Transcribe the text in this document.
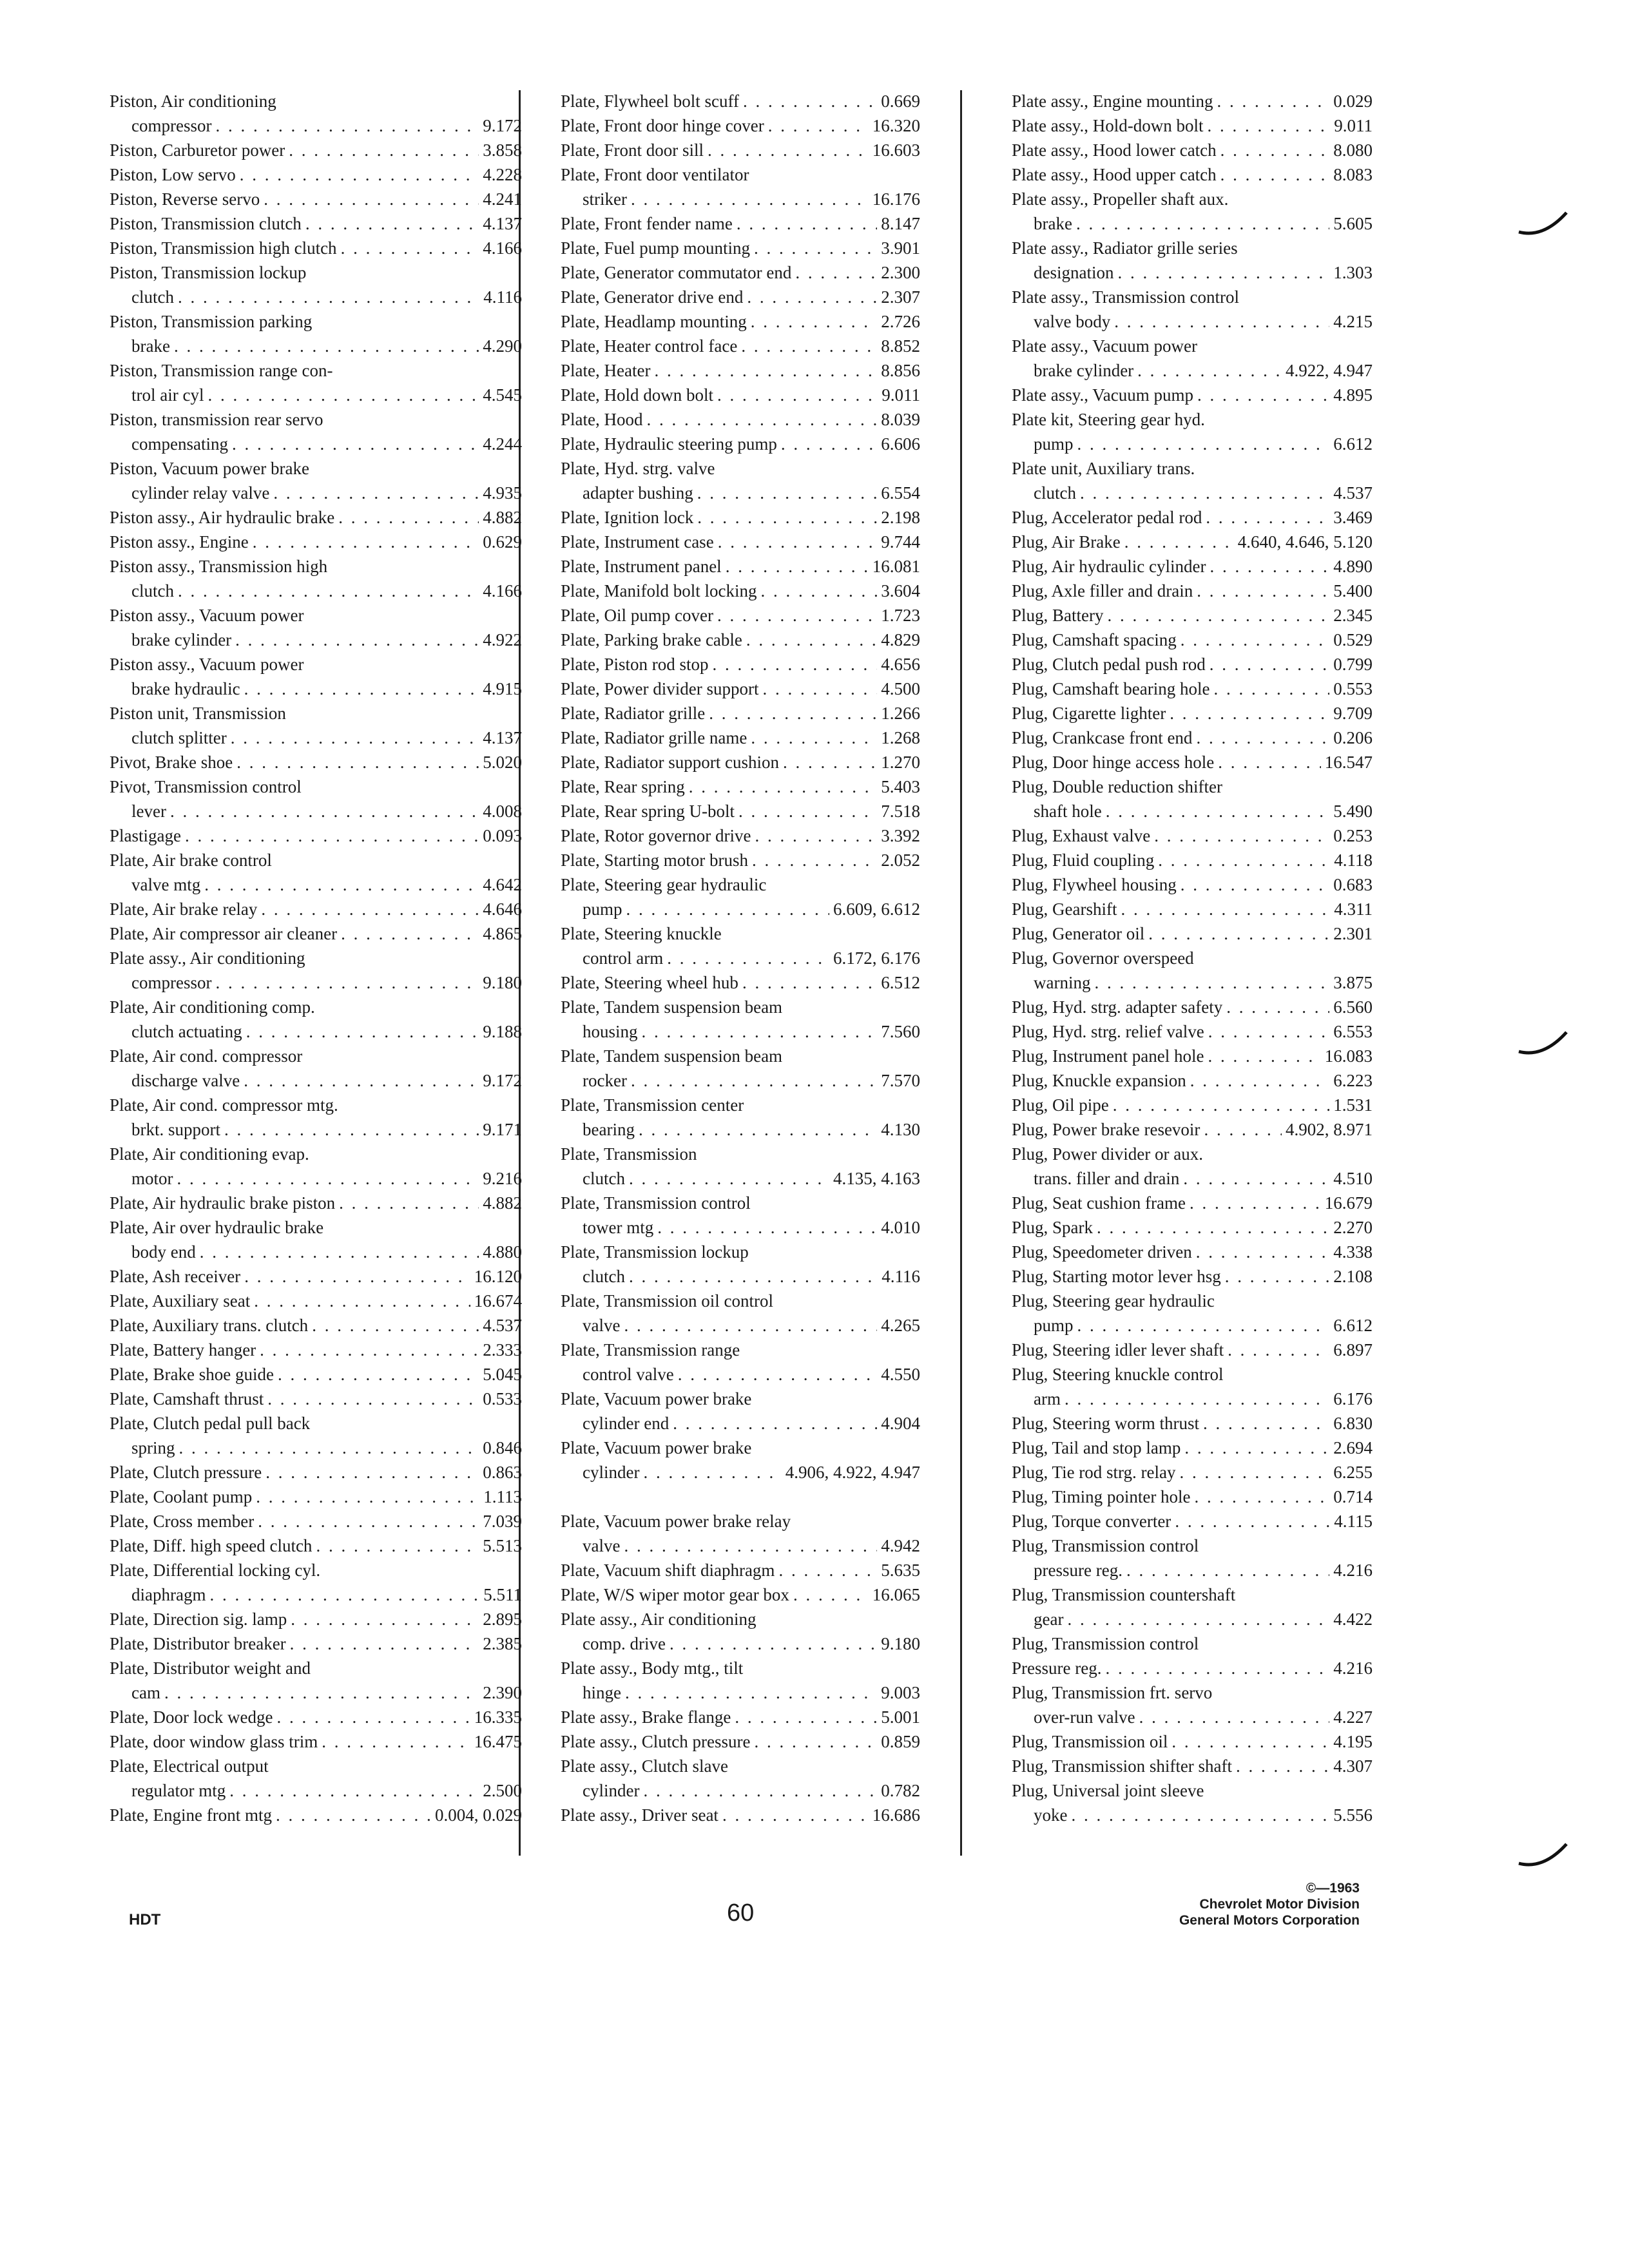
Piston, Air conditioning
compressor . . .	9.172
Piston, Carburetor power . . .	3.858
Piston, Low servo . . .	4.228
Piston, Reverse servo . . .	4.241
Piston, Transmission clutch . . .	4.137
Piston, Transmission high clutch . . .	4.166
Piston, Transmission lockup
clutch . . .	4.116
Piston, Transmission parking
brake . . .	4.290
Piston, Transmission range con-
trol air cyl . . .	4.545
Piston, transmission rear servo
compensating . . .	4.244
Piston, Vacuum power brake
cylinder relay valve . . .	4.935
Piston assy., Air hydraulic brake . . .	4.882
Piston assy., Engine . . .	0.629
Piston assy., Transmission high
clutch . . .	4.166
Piston assy., Vacuum power
brake cylinder . . .	4.922
Piston assy., Vacuum power
brake hydraulic . . .	4.915
Piston unit, Transmission
clutch splitter . . .	4.137
Pivot, Brake shoe . . .	5.020
Pivot, Transmission control
lever . . .	4.008
Plastigage . . .	0.093
Plate, Air brake control
valve mtg . . .	4.642
Plate, Air brake relay . . .	4.646
Plate, Air compressor air cleaner . . .	4.865
Plate assy., Air conditioning
compressor . . .	9.180
Plate, Air conditioning comp.
clutch actuating . . .	9.188
Plate, Air cond. compressor
discharge valve . . .	9.172
Plate, Air cond. compressor mtg.
brkt. support . . .	9.171
Plate, Air conditioning evap.
motor . . .	9.216
Plate, Air hydraulic brake piston . . .	4.882
Plate, Air over hydraulic brake
body end . . .	4.880
Plate, Ash receiver . . .	16.120
Plate, Auxiliary seat . . .	16.674
Plate, Auxiliary trans. clutch . . .	4.537
Plate, Battery hanger . . .	2.333
Plate, Brake shoe guide . . .	5.045
Plate, Camshaft thrust . . .	0.533
Plate, Clutch pedal pull back
spring . . .	0.846
Plate, Clutch pressure . . .	0.863
Plate, Coolant pump . . .	1.113
Plate, Cross member . . .	7.039
Plate, Diff. high speed clutch . . .	5.513
Plate, Differential locking cyl.
diaphragm . . .	5.511
Plate, Direction sig. lamp . . .	2.895
Plate, Distributor breaker . . .	2.385
Plate, Distributor weight and
cam . . .	2.390
Plate, Door lock wedge . . .	16.335
Plate, door window glass trim . . .	16.475
Plate, Electrical output
regulator mtg . . .	2.500
Plate, Engine front mtg . . .	0.004, 0.029
Plate, Flywheel bolt scuff . . .	0.669
Plate, Front door hinge cover . . .	16.320
Plate, Front door sill . . .	16.603
Plate, Front door ventilator
striker . . .	16.176
Plate, Front fender name . . .	8.147
Plate, Fuel pump mounting . . .	3.901
Plate, Generator commutator end . . .	2.300
Plate, Generator drive end . . .	2.307
Plate, Headlamp mounting . . .	2.726
Plate, Heater control face . . .	8.852
Plate, Heater . . .	8.856
Plate, Hold down bolt . . .	9.011
Plate, Hood . . .	8.039
Plate, Hydraulic steering pump . . .	6.606
Plate, Hyd. strg. valve
adapter bushing . . .	6.554
Plate, Ignition lock . . .	2.198
Plate, Instrument case . . .	9.744
Plate, Instrument panel . . .	16.081
Plate, Manifold bolt locking . . .	3.604
Plate, Oil pump cover . . .	1.723
Plate, Parking brake cable . . .	4.829
Plate, Piston rod stop . . .	4.656
Plate, Power divider support . . .	4.500
Plate, Radiator grille . . .	1.266
Plate, Radiator grille name . . .	1.268
Plate, Radiator support cushion . . .	1.270
Plate, Rear spring . . .	5.403
Plate, Rear spring U-bolt . . .	7.518
Plate, Rotor governor drive . . .	3.392
Plate, Starting motor brush . . .	2.052
Plate, Steering gear hydraulic
pump . . .	6.609, 6.612
Plate, Steering knuckle
control arm . . .	6.172, 6.176
Plate, Steering wheel hub . . .	6.512
Plate, Tandem suspension beam
housing . . .	7.560
Plate, Tandem suspension beam
rocker . . .	7.570
Plate, Transmission center
bearing . . .	4.130
Plate, Transmission
clutch . . .	4.135, 4.163
Plate, Transmission control
tower mtg . . .	4.010
Plate, Transmission lockup
clutch . . .	4.116
Plate, Transmission oil control
valve . . .	4.265
Plate, Transmission range
control valve . . .	4.550
Plate, Vacuum power brake
cylinder end . . .	4.904
Plate, Vacuum power brake
cylinder . . .	4.906, 4.922, 4.947
Plate, Vacuum power brake relay
valve . . .	4.942
Plate, Vacuum shift diaphragm . . .	5.635
Plate, W/S wiper motor gear box . . .	16.065
Plate assy., Air conditioning
comp. drive . . .	9.180
Plate assy., Body mtg., tilt
hinge . . .	9.003
Plate assy., Brake flange . . .	5.001
Plate assy., Clutch pressure . . .	0.859
Plate assy., Clutch slave
cylinder . . .	0.782
Plate assy., Driver seat . . .	16.686
Plate assy., Engine mounting . . .	0.029
Plate assy., Hold-down bolt . . .	9.011
Plate assy., Hood lower catch . . .	8.080
Plate assy., Hood upper catch . . .	8.083
Plate assy., Propeller shaft aux.
brake . . .	5.605
Plate assy., Radiator grille series
designation . . .	1.303
Plate assy., Transmission control
valve body . . .	4.215
Plate assy., Vacuum power
brake cylinder . . .	4.922, 4.947
Plate assy., Vacuum pump . . .	4.895
Plate kit, Steering gear hyd.
pump . . .	6.612
Plate unit, Auxiliary trans.
clutch . . .	4.537
Plug, Accelerator pedal rod . . .	3.469
Plug, Air Brake . . .	4.640, 4.646, 5.120
Plug, Air hydraulic cylinder . . .	4.890
Plug, Axle filler and drain . . .	5.400
Plug, Battery . . .	2.345
Plug, Camshaft spacing . . .	0.529
Plug, Clutch pedal push rod . . .	0.799
Plug, Camshaft bearing hole . . .	0.553
Plug, Cigarette lighter . . .	9.709
Plug, Crankcase front end . . .	0.206
Plug, Door hinge access hole . . .	16.547
Plug, Double reduction shifter
shaft hole . . .	5.490
Plug, Exhaust valve . . .	0.253
Plug, Fluid coupling . . .	4.118
Plug, Flywheel housing . . .	0.683
Plug, Gearshift . . .	4.311
Plug, Generator oil . . .	2.301
Plug, Governor overspeed
warning . . .	3.875
Plug, Hyd. strg. adapter safety . . .	6.560
Plug, Hyd. strg. relief valve . . .	6.553
Plug, Instrument panel hole . . .	16.083
Plug, Knuckle expansion . . .	6.223
Plug, Oil pipe . . .	1.531
Plug, Power brake resevoir . . .	4.902, 8.971
Plug, Power divider or aux.
trans. filler and drain . . .	4.510
Plug, Seat cushion frame . . .	16.679
Plug, Spark . . .	2.270
Plug, Speedometer driven . . .	4.338
Plug, Starting motor lever hsg . . .	2.108
Plug, Steering gear hydraulic
pump . . .	6.612
Plug, Steering idler lever shaft . . .	6.897
Plug, Steering knuckle control
arm . . .	6.176
Plug, Steering worm thrust . . .	6.830
Plug, Tail and stop lamp . . .	2.694
Plug, Tie rod strg. relay . . .	6.255
Plug, Timing pointer hole . . .	0.714
Plug, Torque converter . . .	4.115
Plug, Transmission control
pressure reg. . . .	4.216
Plug, Transmission countershaft
gear . . .	4.422
Plug, Transmission control
Pressure reg. . . .	4.216
Plug, Transmission frt. servo
over-run valve . . .	4.227
Plug, Transmission oil . . .	4.195
Plug, Transmission shifter shaft . . .	4.307
Plug, Universal joint sleeve
yoke . . .	5.556
HDT	60
©—1963
Chevrolet Motor Division
General Motors Corporation
